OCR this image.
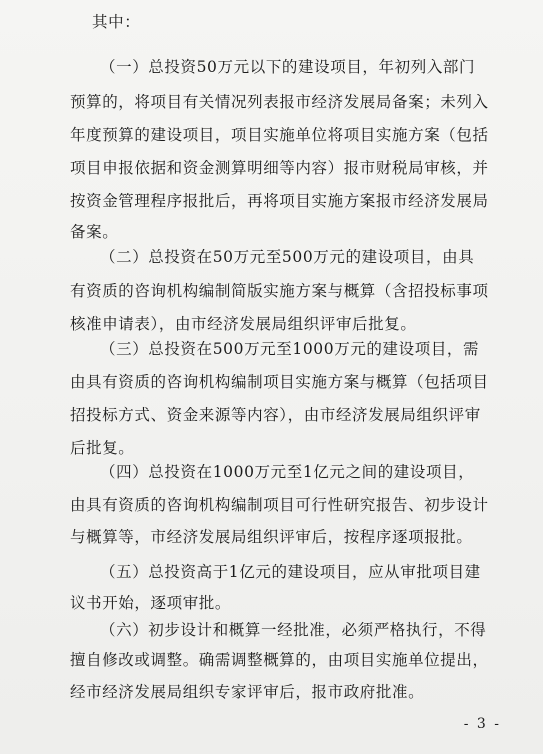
其中：
（一）总投资50万元以下的建设项目，年初列入部门
预算的，将项目有关情况列表报市经济发展局备案；未列入
年度预算的建设项目，项目实施单位将项目实施方案（包括
项目申报依据和资金测算明细等内容）报市财税局审核，并
按资金管理程序报批后，再将项目实施方案报市经济发展局
备案。
（二）总投资在50万元至500万元的建设项目，由具
有资质的咨询机构编制简版实施方案与概算（含招投标事项
核准申请表），由市经济发展局组织评审后批复。
（三）总投资在500万元至1000万元的建设项目，需
由具有资质的咨询机构编制项目实施方案与概算（包括项目
招投标方式、资金来源等内容），由市经济发展局组织评审
后批复。
（四）总投资在1000万元至1亿元之间的建设项目，
由具有资质的咨询机构编制项目可行性研究报告、初步设计
与概算等，市经济发展局组织评审后，按程序逐项报批。
（五）总投资高于1亿元的建设项目，应从审批项目建
议书开始，逐项审批。
（六）初步设计和概算一经批准，必须严格执行，不得
擅自修改或调整。确需调整概算的，由项目实施单位提出，
经市经济发展局组织专家评审后，报市政府批准。
- 3 -
